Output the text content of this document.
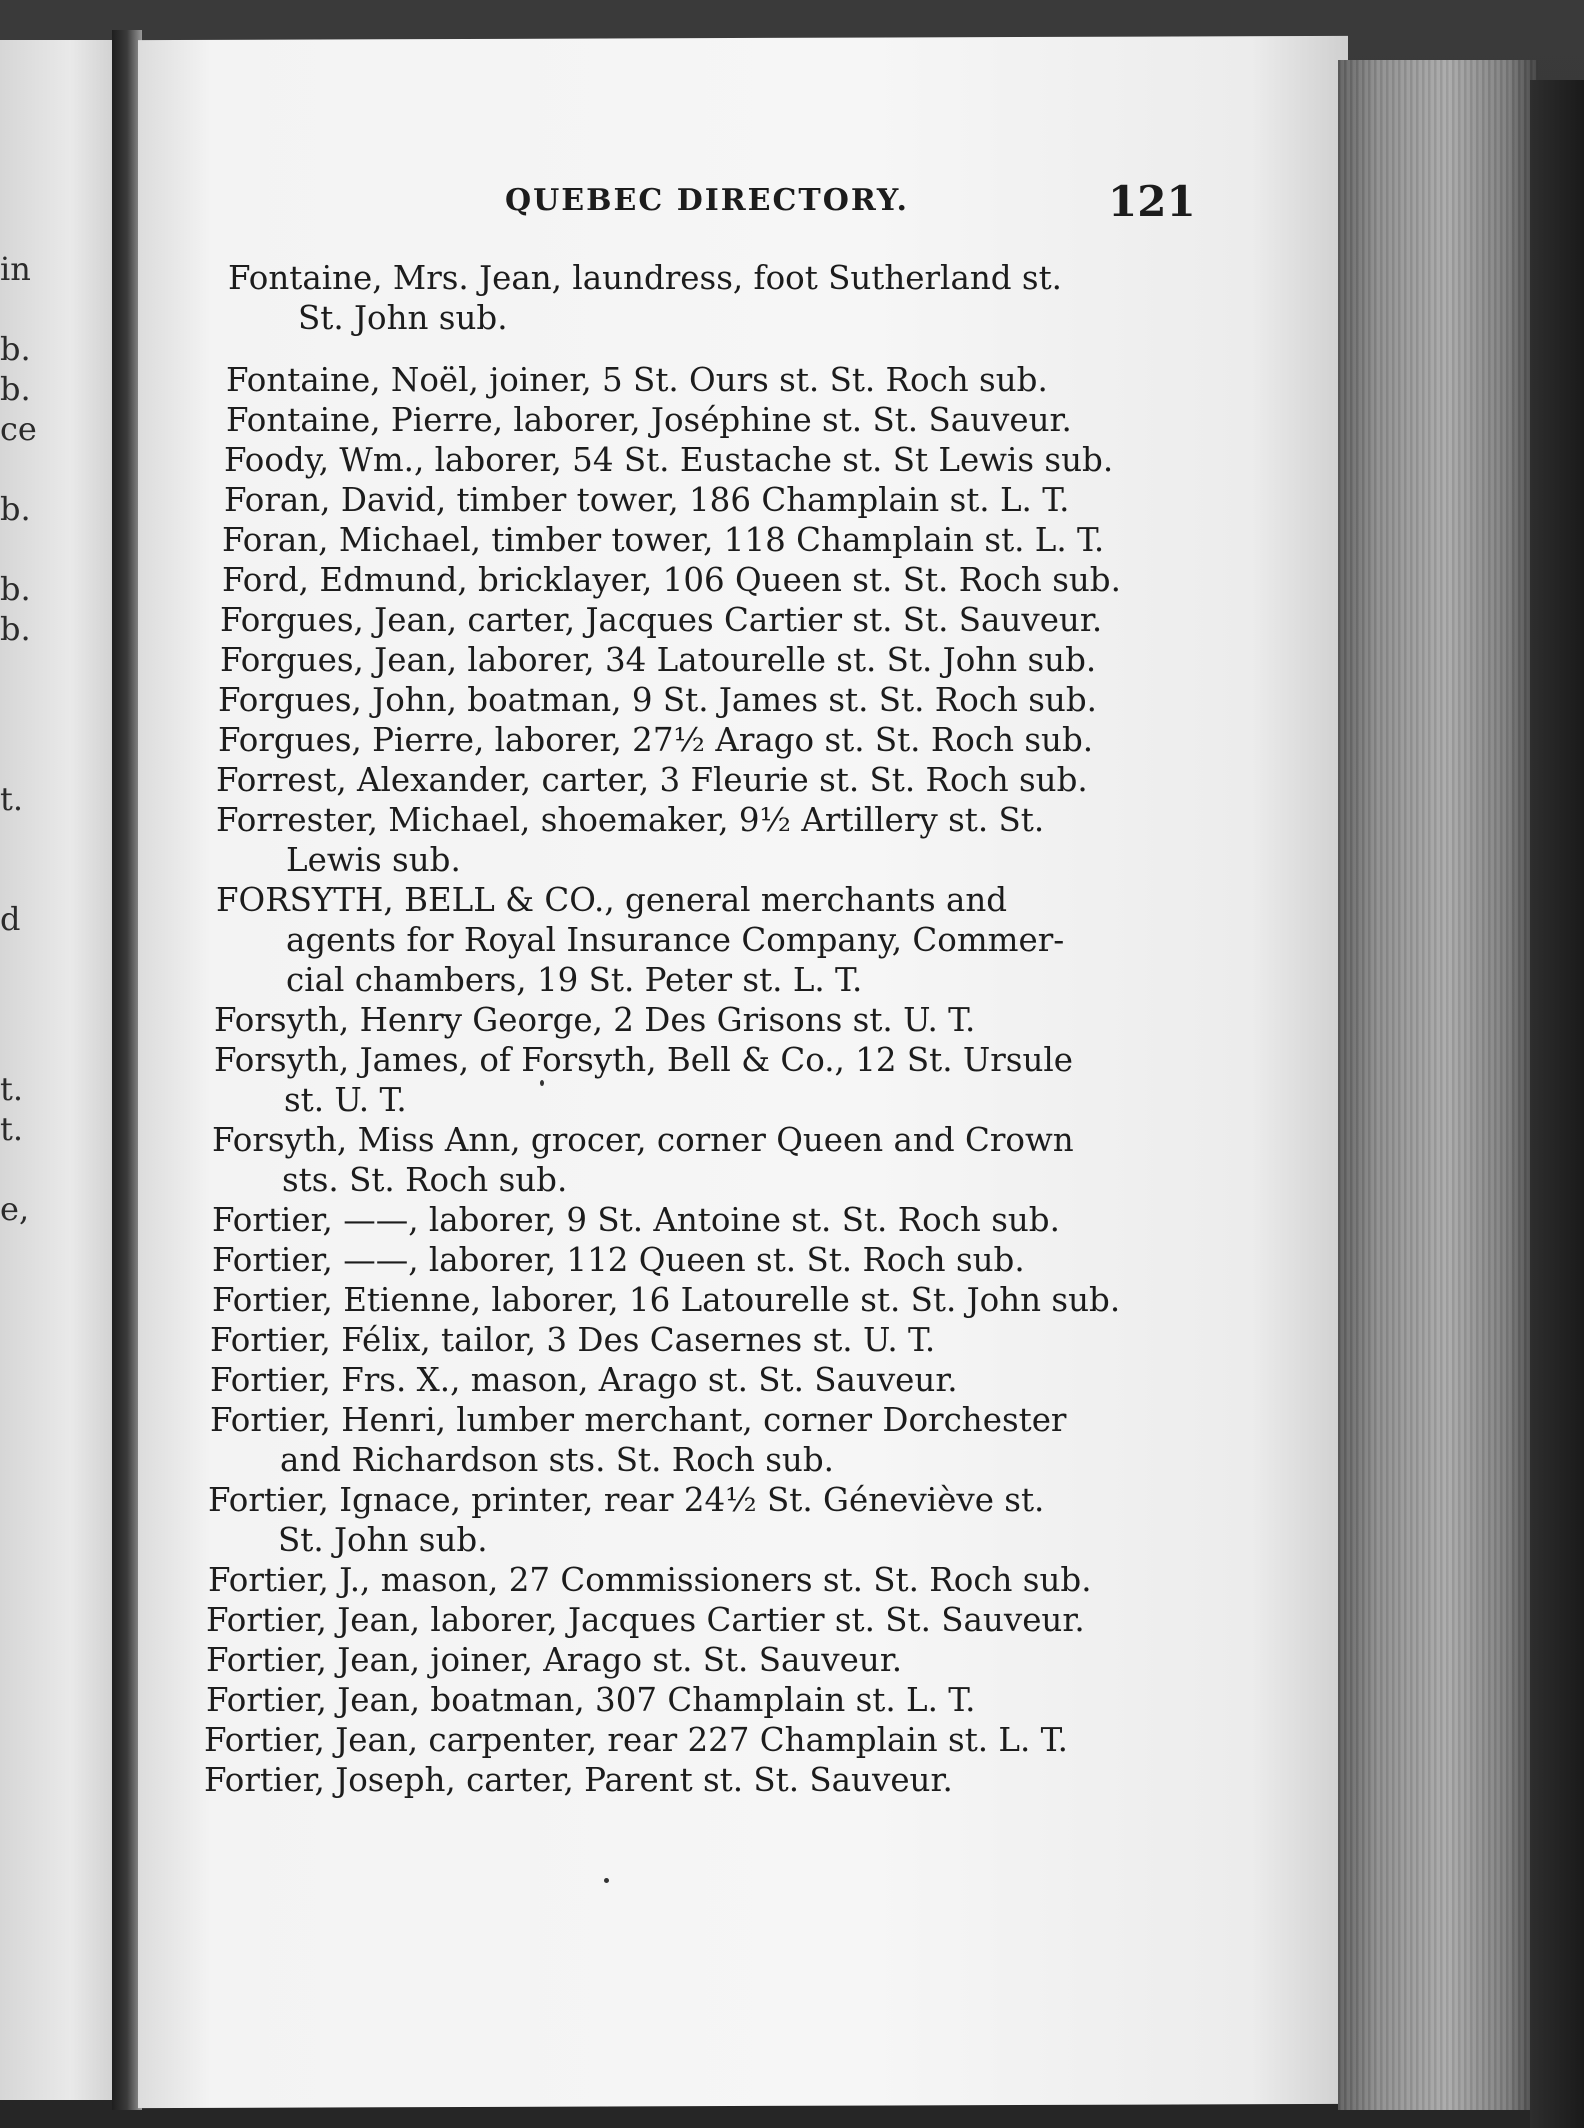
in
b.
b.
ce
b.
b.
b.
t.
d
t.
t.
e,
QUEBEC DIRECTORY.	121
Fontaine, Mrs. Jean, laundress, foot Sutherland st.
St. John sub.
Fontaine, Noël, joiner, 5 St. Ours st. St. Roch sub.
Fontaine, Pierre, laborer, Joséphine st. St. Sauveur.
Foody, Wm., laborer, 54 St. Eustache st. St Lewis sub.
Foran, David, timber tower, 186 Champlain st. L. T.
Foran, Michael, timber tower, 118 Champlain st. L. T.
Ford, Edmund, bricklayer, 106 Queen st. St. Roch sub.
Forgues, Jean, carter, Jacques Cartier st. St. Sauveur.
Forgues, Jean, laborer, 34 Latourelle st. St. John sub.
Forgues, John, boatman, 9 St. James st. St. Roch sub.
Forgues, Pierre, laborer, 27½ Arago st. St. Roch sub.
Forrest, Alexander, carter, 3 Fleurie st. St. Roch sub.
Forrester, Michael, shoemaker, 9½ Artillery st. St.
Lewis sub.
FORSYTH, BELL & CO., general merchants and
agents for Royal Insurance Company, Commer-
cial chambers, 19 St. Peter st. L. T.
Forsyth, Henry George, 2 Des Grisons st. U. T.
Forsyth, James, of Forsyth, Bell & Co., 12 St. Ursule
st. U. T.
Forsyth, Miss Ann, grocer, corner Queen and Crown
sts. St. Roch sub.
Fortier, ——, laborer, 9 St. Antoine st. St. Roch sub.
Fortier, ——, laborer, 112 Queen st. St. Roch sub.
Fortier, Etienne, laborer, 16 Latourelle st. St. John sub.
Fortier, Félix, tailor, 3 Des Casernes st. U. T.
Fortier, Frs. X., mason, Arago st. St. Sauveur.
Fortier, Henri, lumber merchant, corner Dorchester
and Richardson sts. St. Roch sub.
Fortier, Ignace, printer, rear 24½ St. Géneviève st.
St. John sub.
Fortier, J., mason, 27 Commissioners st. St. Roch sub.
Fortier, Jean, laborer, Jacques Cartier st. St. Sauveur.
Fortier, Jean, joiner, Arago st. St. Sauveur.
Fortier, Jean, boatman, 307 Champlain st. L. T.
Fortier, Jean, carpenter, rear 227 Champlain st. L. T.
Fortier, Joseph, carter, Parent st. St. Sauveur.
